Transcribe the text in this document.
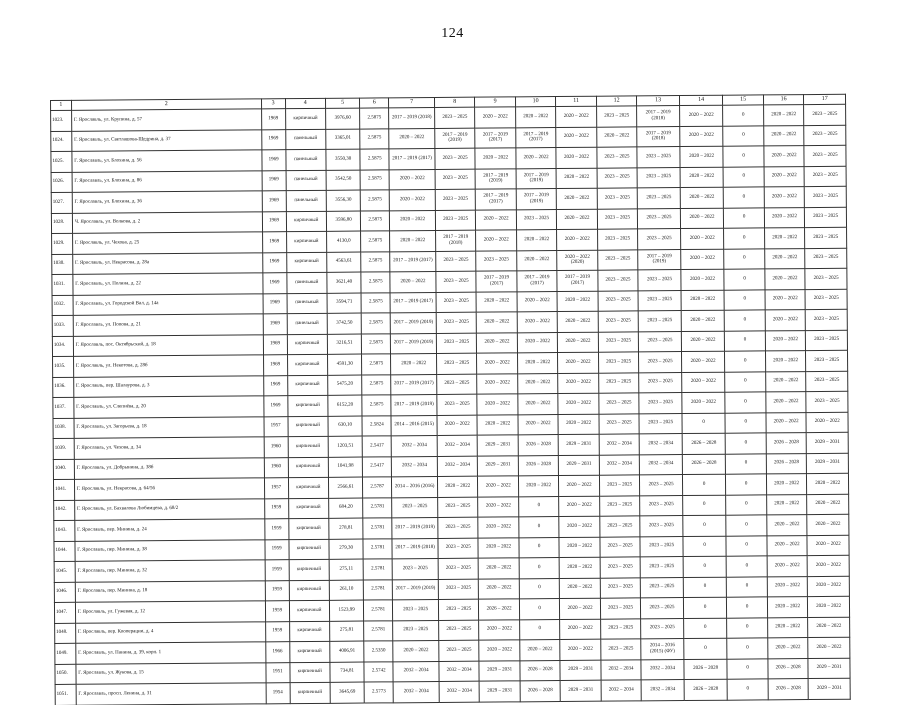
124
1	2	3	4	5	6	7	8	9	10	11	12	13	14	15	16	17
1023.	Г. Ярославль, ул. Крупина, д. 57	1969	кирпичный	3976,60	2.5875	2017 – 2019 (2018)	2023 – 2025	2020 – 2022	2020 – 2022	2020 – 2022	2023 – 2025	2017 – 2019 (2018)	2020 – 2022	0	2020 – 2022	2023 – 2025
1024.	Г. Ярославль, ул. Светлашова-Щедрина, д. 37	1969	панельный	3365,01	2.5875	2020 – 2022	2017 – 2019 (2019)	2017 – 2019 (2017)	2017 – 2019 (2017)	2020 – 2022	2020 – 2022	2017 – 2019 (2018)	2020 – 2022	0	2020 – 2022	2023 – 2025
1025.	Г. Ярославль, ул. Блохина, д. 56	1969	панельный	3550,30	2.5875	2017 – 2019 (2017)	2023 – 2025	2020 – 2022	2020 – 2022	2020 – 2022	2023 – 2025	2023 – 2025	2020 – 2022	0	2020 – 2022	2023 – 2025
1026.	Г. Ярославль, ул. Блохина, д. 86	1969	панельный	3542,50	2.5875	2020 – 2022	2023 – 2025	2017 – 2019 (2019)	2017 – 2019 (2019)	2020 – 2022	2023 – 2025	2023 – 2025	2020 – 2022	0	2020 – 2022	2023 – 2025
1027.	Г. Ярославль, ул. Блохина, д. 36	1969	панельный	3556,30	2.5875	2020 – 2022	2023 – 2025	2017 – 2019 (2017)	2017 – 2019 (2019)	2020 – 2022	2023 – 2025	2023 – 2025	2020 – 2022	0	2020 – 2022	2023 – 2025
1028.	Ч. Ярославль, ул. Волкова, д. 2	1969	кирпичный	3596,80	2.5875	2020 – 2022	2023 – 2025	2020 – 2022	2023 – 2025	2020 – 2022	2023 – 2025	2023 – 2025	2020 – 2022	0	2020 – 2022	2023 – 2025
1029.	Г. Ярославль, ул. Чехова, д. 25	1969	кирпичный	4130,0	2.5875	2020 – 2022	2017 – 2019 (2018)	2020 – 2022	2020 – 2022	2020 – 2022	2023 – 2025	2023 – 2025	2020 – 2022	0	2020 – 2022	2023 – 2025
1030.	Г. Ярославль, ул. Некрасова, д. 28а	1969	кирпичный	4563,61	2.5875	2017 – 2019 (2017)	2023 – 2025	2023 – 2025	2020 – 2022	2020 – 2022 (2020)	2023 – 2025	2017 – 2019 (2019)	2020 – 2022	0	2020 – 2022	2023 – 2025
1031.	Г. Ярославль, ул. Полина, д. 22	1969	панельный	3621,40	2.5875	2020 – 2022	2023 – 2025	2017 – 2019 (2017)	2017 – 2019 (2017)	2017 – 2019 (2017)	2023 – 2025	2023 – 2025	2020 – 2022	0	2020 – 2022	2023 – 2025
1032.	Г. Ярославль, ул. Городской Вал, д. 14а	1969	панельный	3594,71	2.5875	2017 – 2019 (2017)	2023 – 2025	2020 – 2022	2020 – 2022	2020 – 2022	2023 – 2025	2023 – 2025	2020 – 2022	0	2020 – 2022	2023 – 2025
1033.	Г. Ярославль, ул. Попова, д. 21	1969	панельный	3742,50	2.5875	2017 – 2019 (2019)	2023 – 2025	2020 – 2022	2020 – 2022	2020 – 2022	2023 – 2025	2023 – 2025	2020 – 2022	0	2020 – 2022	2023 – 2025
1034.	Г. Ярославль, пос. Октябрьский, д. 18	1969	кирпичный	3216,51	2.5875	2017 – 2019 (2019)	2023 – 2025	2020 – 2022	2020 – 2022	2020 – 2022	2023 – 2025	2023 – 2025	2020 – 2022	0	2020 – 2022	2023 – 2025
1035.	Г. Ярославль, ул. Некотова, д. 28б	1969	кирпичный	4591,30	2.5875	2020 – 2022	2023 – 2025	2020 – 2022	2020 – 2022	2020 – 2022	2023 – 2025	2023 – 2025	2020 – 2022	0	2020 – 2022	2023 – 2025
1036.	Г. Ярославль, пер. Шалаурова, д. 3	1969	кирпичный	5475,20	2.5875	2017 – 2019 (2017)	2023 – 2025	2020 – 2022	2020 – 2022	2020 – 2022	2023 – 2025	2023 – 2025	2020 – 2022	0	2020 – 2022	2023 – 2025
1037.	Г. Ярославль, ул. Слепнёва, д. 20	1969	кирпичный	6152,20	2.5875	2017 – 2019 (2019)	2023 – 2025	2020 – 2022	2020 – 2022	2020 – 2022	2023 – 2025	2023 – 2025	2020 – 2022	0	2020 – 2022	2023 – 2025
1038.	Г. Ярославль, ул. Загорьева, д. 18	1957	кирпичный	630,10	2.5824	2014 – 2016 (2015)	2020 – 2022	2020 – 2022	2020 – 2022	2020 – 2022	2023 – 2025	2023 – 2025	0	0	2020 – 2022	2020 – 2022
1039.	Г. Ярославль, ул. Чехова, д. 34	1960	кирпичный	1203,51	2.5417	2032 – 2034	2032 – 2034	2029 – 2031	2026 – 2028	2029 – 2031	2032 – 2034	2032 – 2034	2026 – 2028	0	2026 – 2028	2029 – 2031
1040.	Г. Ярославль, ул. Добрынина, д. 38б	1960	кирпичный	1041,98	2.5417	2032 – 2034	2032 – 2034	2029 – 2031	2026 – 2028	2029 – 2031	2032 – 2034	2032 – 2034	2026 – 2028	0	2026 – 2028	2029 – 2031
1041.	Г. Ярославль, ул. Некрасова, д. 64/56	1957	кирпичный	2566,61	2.5787	2014 – 2016 (2016)	2020 – 2022	2020 – 2022	2020 – 2022	2020 – 2022	2023 – 2025	2023 – 2025	0	0	2020 – 2022	2020 – 2022
1042.	Г. Ярославль, ул. Бахвалова Любимцева, д. 68/2	1959	кирпичный	684,20	2.5781	2023 – 2025	2023 – 2025	2020 – 2022	0	2020 – 2022	2023 – 2025	2023 – 2025	0	0	2020 – 2022	2020 – 2022
1043.	Г. Ярославль, пер. Минина, д. 24	1959	кирпичный	278,81	2.5781	2017 – 2019 (2019)	2023 – 2025	2020 – 2022	0	2020 – 2022	2023 – 2025	2023 – 2025	0	0	2020 – 2022	2020 – 2022
1044.	Г. Ярославль, пер. Минина, д. 38	1959	кирпичный	279,30	2.5781	2017 – 2019 (2018)	2023 – 2025	2020 – 2022	0	2020 – 2022	2023 – 2025	2023 – 2025	0	0	2020 – 2022	2020 – 2022
1045.	Г. Ярославль, пер. Минина, д. 32	1959	кирпичный	275,11	2.5781	2023 – 2025	2023 – 2025	2020 – 2022	0	2020 – 2022	2023 – 2025	2023 – 2025	0	0	2020 – 2022	2020 – 2022
1046.	Г. Ярославль, пер. Минина, д. 18	1959	кирпичный	261,10	2.5781	2017 – 2019 (2019)	2023 – 2025	2020 – 2022	0	2020 – 2022	2023 – 2025	2023 – 2025	0	0	2020 – 2022	2020 – 2022
1047.	Г. Ярославль, ул. Гужевая, д. 12	1959	кирпичный	1523,99	2.5781	2023 – 2025	2023 – 2025	2026 – 2022	0	2020 – 2022	2023 – 2025	2023 – 2025	0	0	2020 – 2022	2020 – 2022
1048.	Г. Ярославль, пер. Кооперации, д. 4	1959	кирпичный	275,81	2.5781	2023 – 2025	2023 – 2025	2020 – 2022	0	2020 – 2022	2023 – 2025	2023 – 2025	0	0	2020 – 2022	2020 – 2022
1049.	Г. Ярославль, ул. Панина, д. 39, корп. 1	1966	кирпичный	4006,91	2.5350	2020 – 2022	2023 – 2025	2020 – 2022	2020 – 2022	2020 – 2022	2023 – 2025	2014 – 2016 (2015) (ФУ)	0	0	2020 – 2022	2020 – 2022
1050.	Г. Ярославль, ул. Жукова, д. 15	1951	кирпичный	734,81	2.5742	2032 – 2034	2032 – 2034	2029 – 2031	2026 – 2028	2029 – 2031	2032 – 2034	2032 – 2034	2026 – 2028	0	2026 – 2028	2029 – 2031
1051.	Г. Ярославль, просп. Ленина, д. 31	1954	кирпичный	3645,69	2.5773	2032 – 2034	2032 – 2034	2029 – 2031	2026 – 2028	2029 – 2031	2032 – 2034	2032 – 2034	2026 – 2028	0	2026 – 2028	2029 – 2031
